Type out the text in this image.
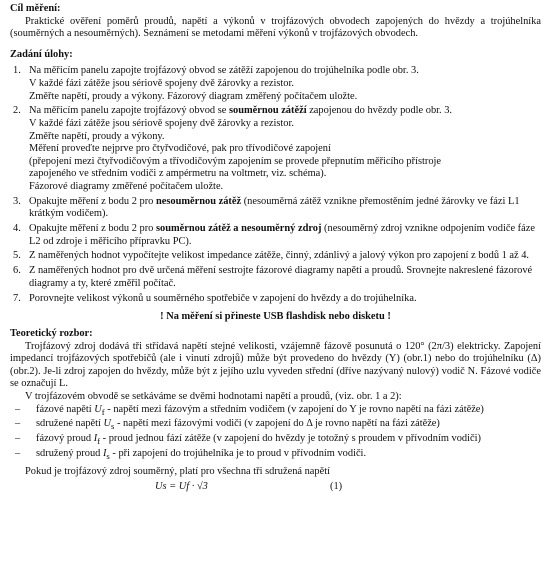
Cíl měření:

Praktické ověření poměrů proudů, napětí a výkonů v trojfázových obvodech zapojených do hvězdy a trojúhelníka (souměrných a nesouměrných). Seznámení se metodami měření výkonů v trojfázových obvodech.

Zadání úlohy:

1. Na měřicím panelu zapojte trojfázový obvod se zátěží zapojenou do trojúhelníka podle obr. 3.
V každé fázi zátěže jsou sériově spojeny dvě žárovky a rezistor.
Změřte napětí, proudy a výkony. Fázorový diagram změřený počítačem uložte.
2. Na měřicím panelu zapojte trojfázový obvod se souměrnou zátěží zapojenou do hvězdy podle obr. 3.
V každé fázi zátěže jsou sériově spojeny dvě žárovky a rezistor.
Změřte napětí, proudy a výkony.
Měření proveďte nejprve pro čtyřvodičové, pak pro třívodičové zapojení
(přepojení mezi čtyřvodičovým a třívodičovým zapojením se provede přepnutím měřicího přístroje
zapojeného ve středním vodiči z ampérmetru na voltmetr, viz. schéma).
Fázorové diagramy změřené počítačem uložte.
3. Opakujte měření z bodu 2 pro nesouměrnou zátěž (nesouměrná zátěž vznikne přemostěním jedné žárovky ve fázi L1 krátkým vodičem).
4. Opakujte měření z bodu 2 pro souměrnou zátěž a nesouměrný zdroj (nesouměrný zdroj vznikne odpojením vodiče fáze L2 od zdroje i měřicího přípravku PC).
5. Z naměřených hodnot vypočítejte velikost impedance zátěže, činný, zdánlivý a jalový výkon pro zapojení z bodů 1 až 4.
6. Z naměřených hodnot pro dvě určená měření sestrojte fázorové diagramy napětí a proudů. Srovnejte nakreslené fázorové diagramy a ty, které změřil počítač.
7. Porovnejte velikost výkonů u souměrného spotřebiče v zapojení do hvězdy a do trojúhelníka.

! Na měření si přineste USB flashdisk nebo disketu !

Teoretický rozbor:

Trojfázový zdroj dodává tři střídavá napětí stejné velikosti, vzájemně fázově posunutá o 120° (2π/3) elektricky. Zapojení impedancí trojfázových spotřebičů (ale i vinutí zdrojů) může být provedeno do hvězdy (Y) (obr.1) nebo do trojúhelníku (Δ) (obr.2). Je-li zdroj zapojen do hvězdy, může být z jejího uzlu vyveden střední (dříve nazývaný nulový) vodič N. Fázové vodiče se označují L.

V trojfázovém obvodě se setkáváme se dvěmi hodnotami napětí a proudů, (viz. obr. 1 a 2):

– fázové napětí $U_f$ - napětí mezi fázovým a středním vodičem (v zapojení do Y je rovno napětí na fázi zátěže)
– sdružené napětí $U_s$ - napětí mezi fázovými vodiči (v zapojení do Δ je rovno napětí na fázi zátěže)
– fázový proud $I_f$ - proud jednou fází zátěže (v zapojení do hvězdy je totožný s proudem v přívodním vodiči)
– sdružený proud $I_s$ - při zapojení do trojúhelníka je to proud v přívodním vodiči.

Pokud je trojfázový zdroj souměrný, platí pro všechna tři sdružená napětí

Us = Uf · √3	(1)
